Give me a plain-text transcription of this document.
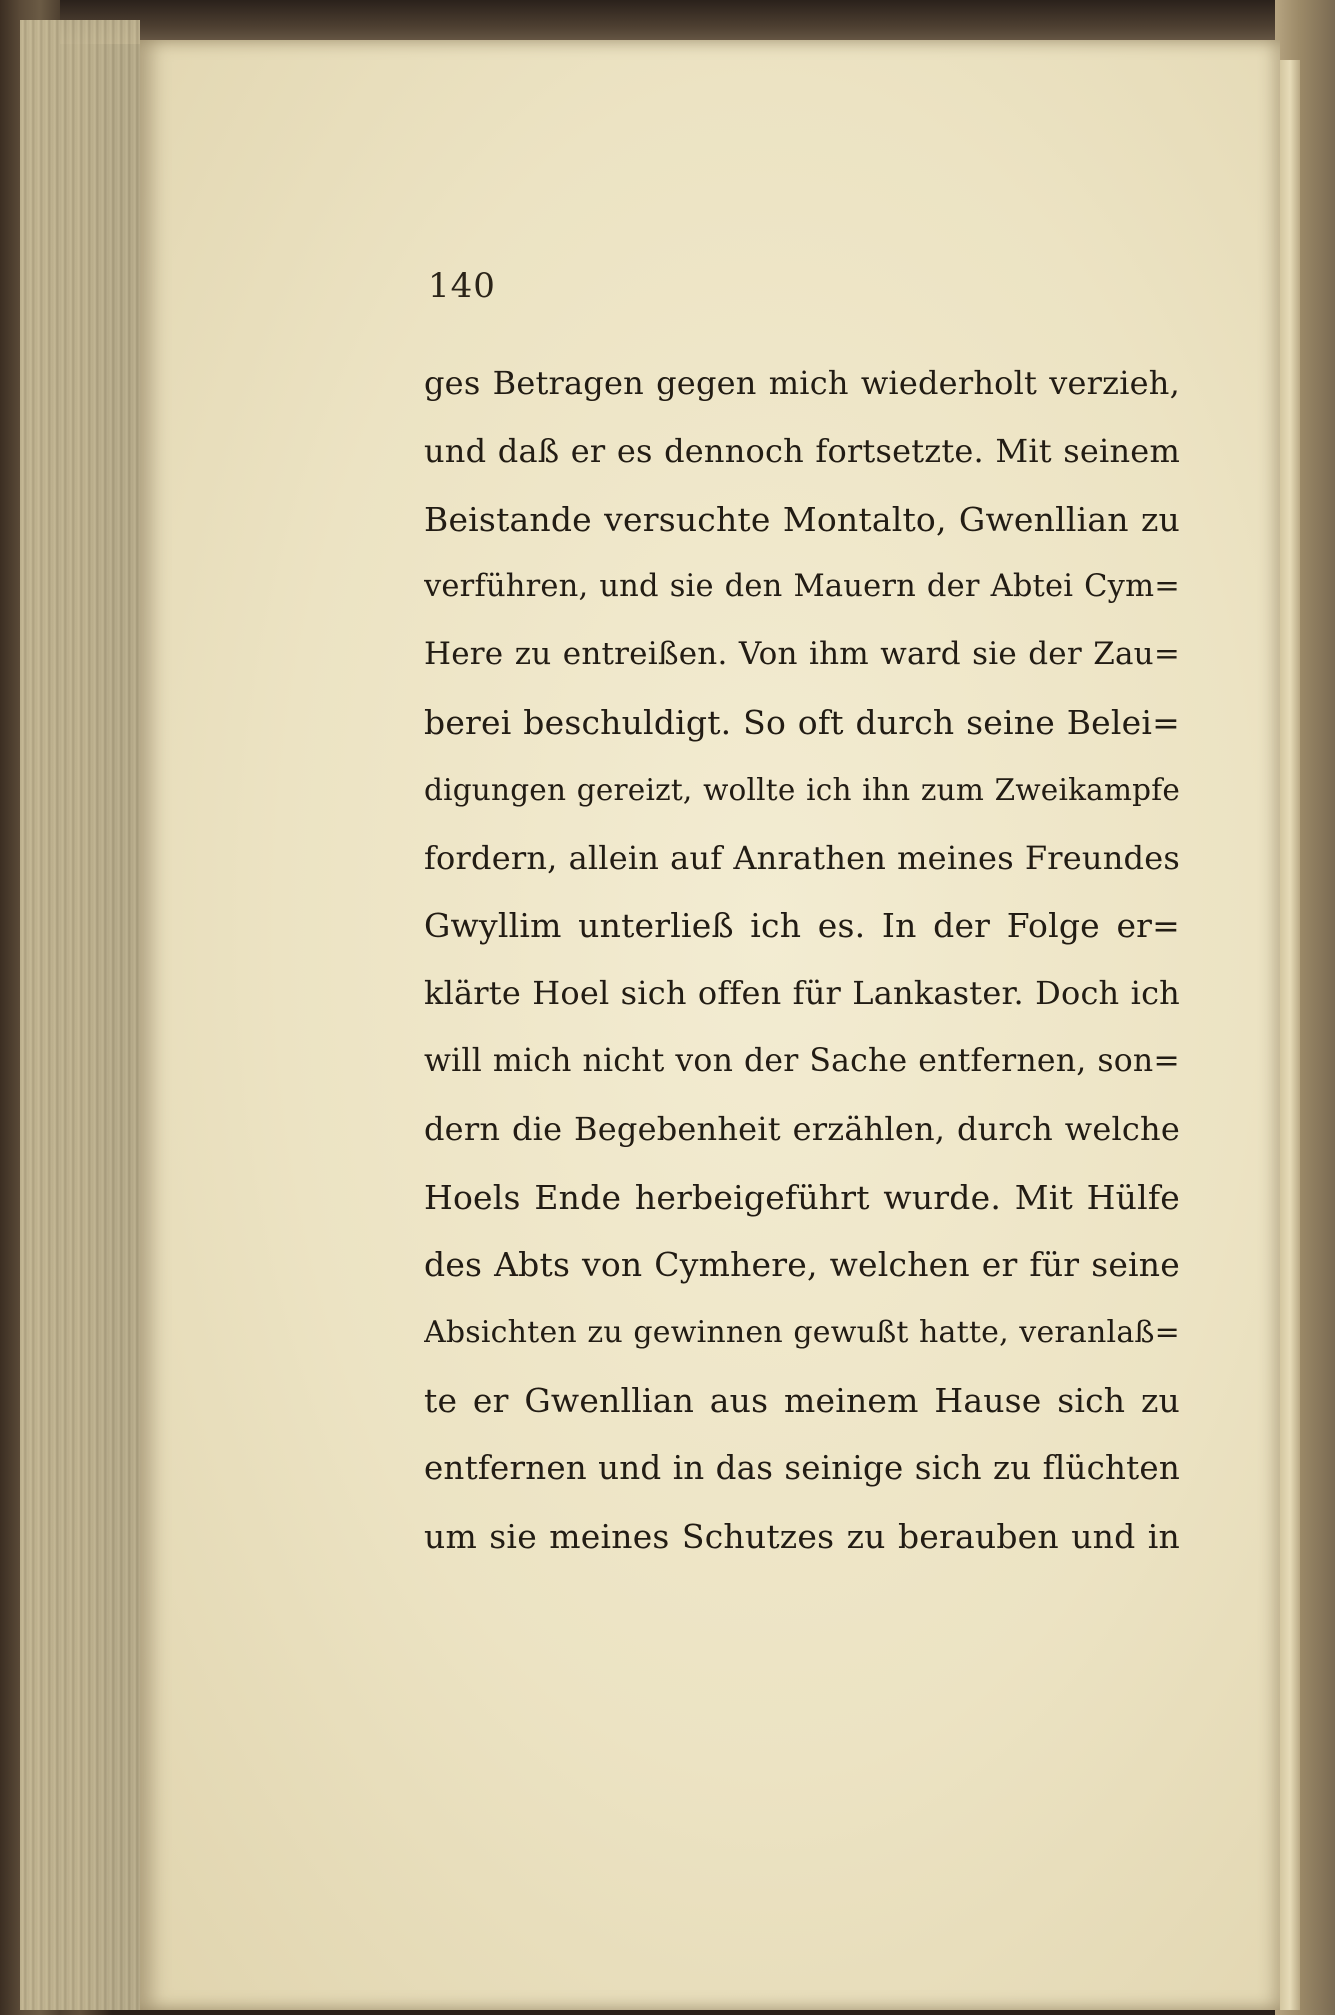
140
ges Betragen gegen mich wiederholt verzieh,
und daß er es dennoch fortsetzte. Mit seinem
Beistande versuchte Montalto, Gwenllian zu
verführen, und sie den Mauern der Abtei Cym=
Here zu entreißen. Von ihm ward sie der Zau=
berei beschuldigt. So oft durch seine Belei=
digungen gereizt, wollte ich ihn zum Zweikampfe
fordern, allein auf Anrathen meines Freundes
Gwyllim unterließ ich es. In der Folge er=
klärte Hoel sich offen für Lankaster. Doch ich
will mich nicht von der Sache entfernen, son=
dern die Begebenheit erzählen, durch welche
Hoels Ende herbeigeführt wurde. Mit Hülfe
des Abts von Cymhere, welchen er für seine
Absichten zu gewinnen gewußt hatte, veranlaß=
te er Gwenllian aus meinem Hause sich zu
entfernen und in das seinige sich zu flüchten
um sie meines Schutzes zu berauben und in
